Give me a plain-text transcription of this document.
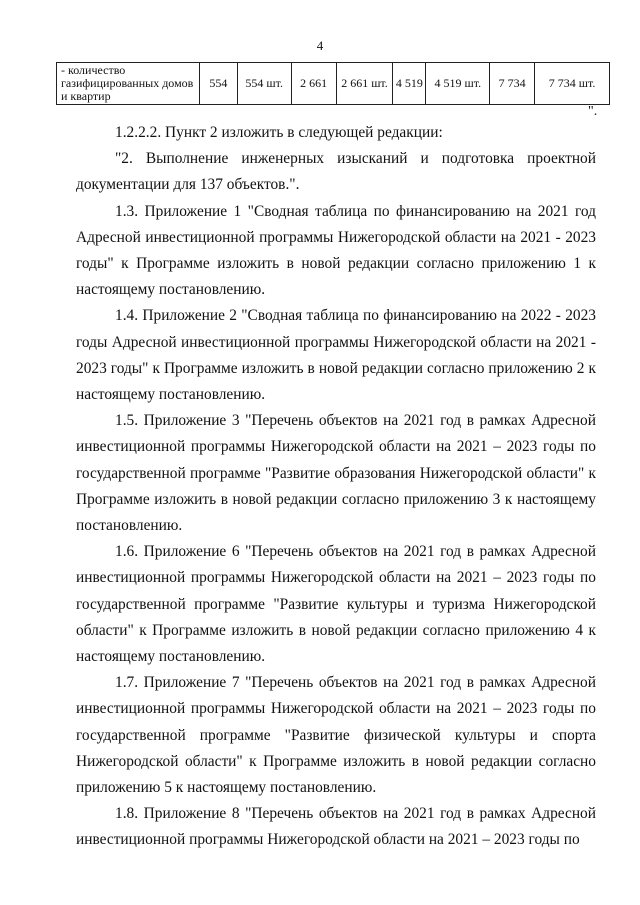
4
- количество газифицированных домов и квартир	554	554 шт.	2 661	2 661 шт.	4 519	4 519 шт.	7 734	7 734 шт.
".

1.2.2.2. Пункт 2 изложить в следующей редакции:

"2. Выполнение инженерных изысканий и подготовка проектной документации для 137 объектов.".

1.3. Приложение 1 "Сводная таблица по финансированию на 2021 год Адресной инвестиционной программы Нижегородской области на 2021 - 2023 годы" к Программе изложить в новой редакции согласно приложению 1 к настоящему постановлению.

1.4. Приложение 2 "Сводная таблица по финансированию на 2022 - 2023 годы Адресной инвестиционной программы Нижегородской области на 2021 - 2023 годы" к Программе изложить в новой редакции согласно приложению 2 к настоящему постановлению.

1.5. Приложение 3 "Перечень объектов на 2021 год в рамках Адресной инвестиционной программы Нижегородской области на 2021 – 2023 годы по государственной программе "Развитие образования Нижегородской области" к Программе изложить в новой редакции согласно приложению 3 к настоящему постановлению.

1.6. Приложение 6 "Перечень объектов на 2021 год в рамках Адресной инвестиционной программы Нижегородской области на 2021 – 2023 годы по государственной программе "Развитие культуры и туризма Нижегородской области" к Программе изложить в новой редакции согласно приложению 4 к настоящему постановлению.

1.7. Приложение 7 "Перечень объектов на 2021 год в рамках Адресной инвестиционной программы Нижегородской области на 2021 – 2023 годы по государственной программе "Развитие физической культуры и спорта Нижегородской области" к Программе изложить в новой редакции согласно приложению 5 к настоящему постановлению.

1.8. Приложение 8 "Перечень объектов на 2021 год в рамках Адресной инвестиционной программы Нижегородской области на 2021 – 2023 годы по
